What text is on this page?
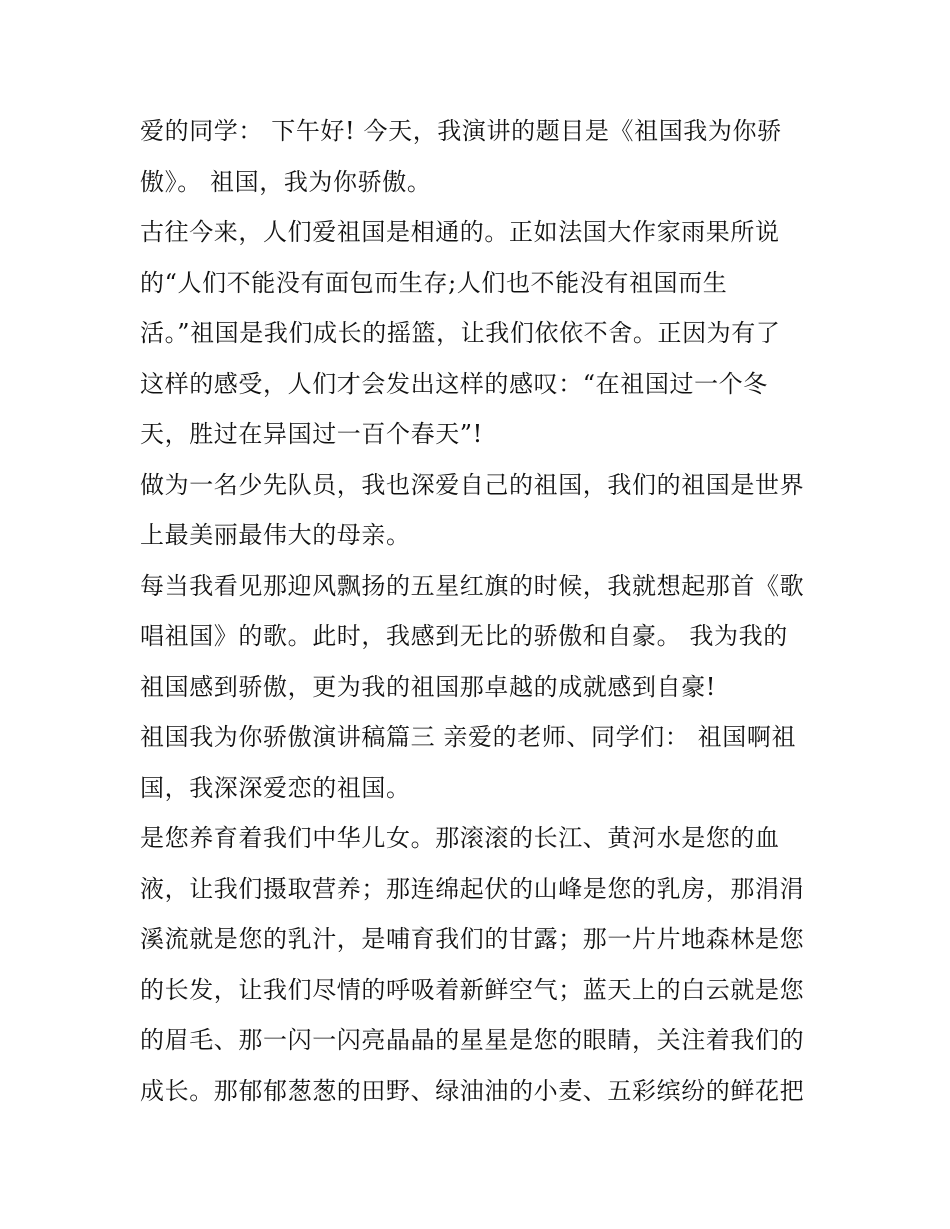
爱的同学： 下午好! 今天，我演讲的题目是《祖国我为你骄
傲》。 祖国，我为你骄傲。
古往今来，人们爱祖国是相通的。正如法国大作家雨果所说
的“人们不能没有面包而生存;人们也不能没有祖国而生
活。”祖国是我们成长的摇篮，让我们依依不舍。正因为有了
这样的感受，人们才会发出这样的感叹：“在祖国过一个冬
天，胜过在异国过一百个春天”!
做为一名少先队员，我也深爱自己的祖国，我们的祖国是世界
上最美丽最伟大的母亲。
每当我看见那迎风飘扬的五星红旗的时候，我就想起那首《歌
唱祖国》的歌。此时，我感到无比的骄傲和自豪。 我为我的
祖国感到骄傲，更为我的祖国那卓越的成就感到自豪!
祖国我为你骄傲演讲稿篇三 亲爱的老师、同学们： 祖国啊祖
国，我深深爱恋的祖国。
是您养育着我们中华儿女。那滚滚的长江、黄河水是您的血
液，让我们摄取营养；那连绵起伏的山峰是您的乳房，那涓涓
溪流就是您的乳汁，是哺育我们的甘露；那一片片地森林是您
的长发，让我们尽情的呼吸着新鲜空气；蓝天上的白云就是您
的眉毛、那一闪一闪亮晶晶的星星是您的眼睛，关注着我们的
成长。那郁郁葱葱的田野、绿油油的小麦、五彩缤纷的鲜花把
